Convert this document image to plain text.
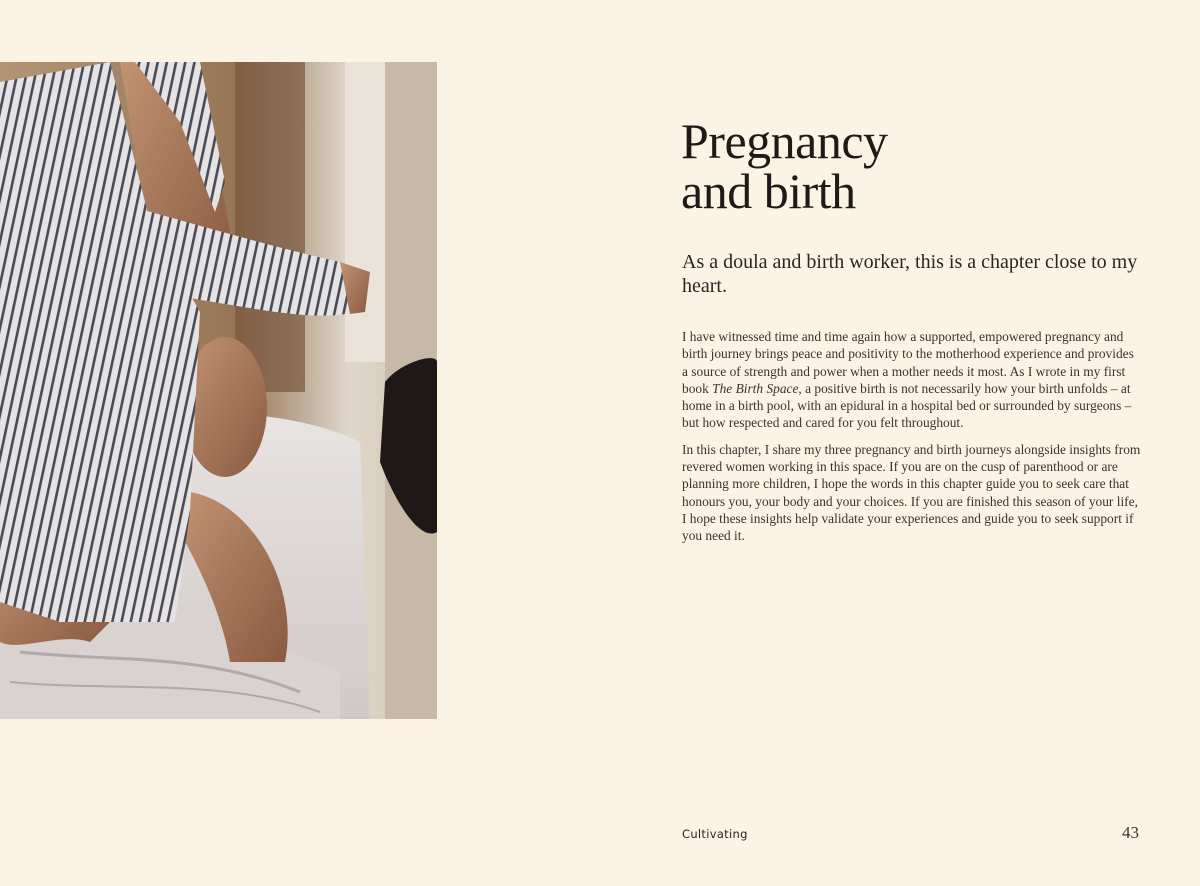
Pregnancy
and birth

As a doula and birth worker, this is a chapter close to my heart.

I have witnessed time and time again how a supported, empowered pregnancy and birth journey brings peace and positivity to the motherhood experience and provides a source of strength and power when a mother needs it most. As I wrote in my first book The Birth Space, a positive birth is not necessarily how your birth unfolds – at home in a birth pool, with an epidural in a hospital bed or surrounded by surgeons – but how respected and cared for you felt throughout.

In this chapter, I share my three pregnancy and birth journeys alongside insights from revered women working in this space. If you are on the cusp of parenthood or are planning more children, I hope the words in this chapter guide you to seek care that honours you, your body and your choices. If you are finished this season of your life, I hope these insights help validate your experiences and guide you to seek support if you need it.

Cultivating	43
